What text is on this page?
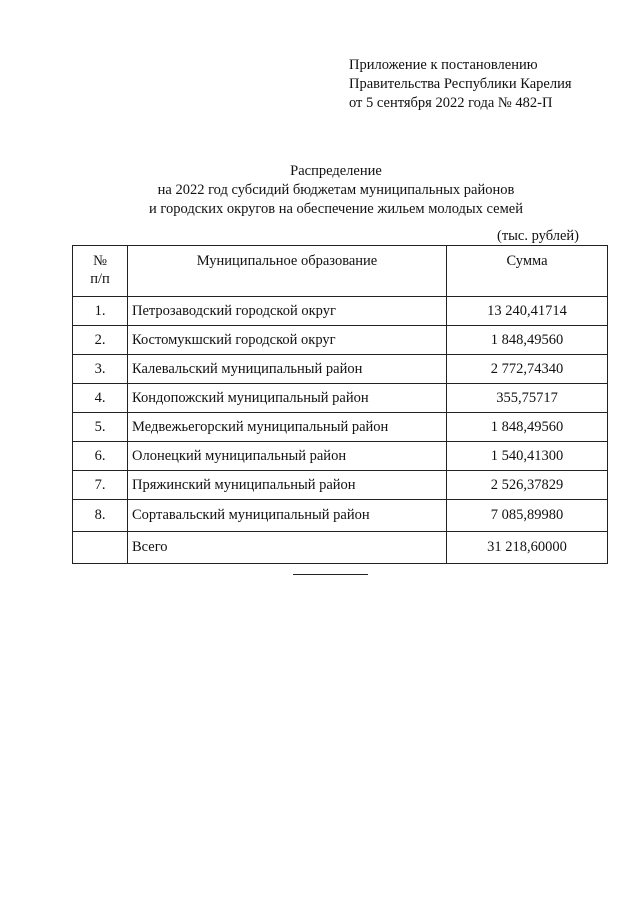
Приложение к постановлению
Правительства Республики Карелия
от 5 сентября 2022 года № 482-П
Распределение
на 2022 год субсидий бюджетам муниципальных районов
и городских округов на обеспечение жильем молодых семей
(тыс. рублей)
№
п/п	Муниципальное образование	Сумма
1.	Петрозаводский городской округ	13 240,41714
2.	Костомукшский городской округ	1 848,49560
3.	Калевальский муниципальный район	2 772,74340
4.	Кондопожский муниципальный район	355,75717
5.	Медвежьегорский муниципальный район	1 848,49560
6.	Олонецкий муниципальный район	1 540,41300
7.	Пряжинский муниципальный район	2 526,37829
8.	Сортавальский муниципальный район	7 085,89980
	Всего	31 218,60000
